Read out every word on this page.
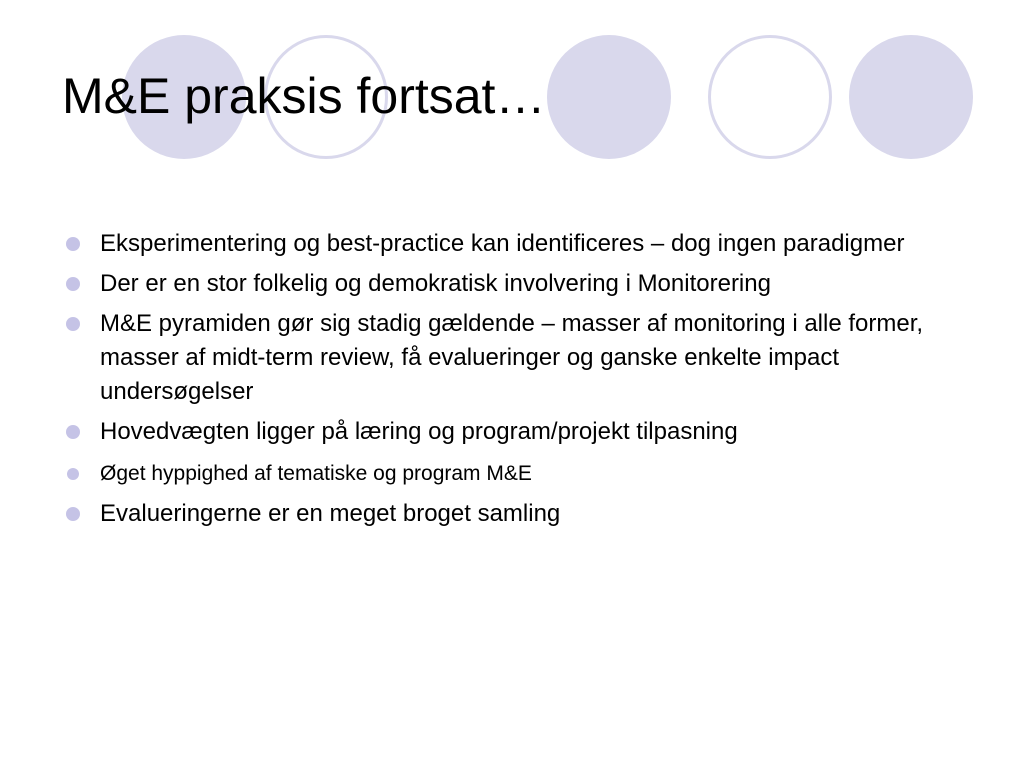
M&E praksis fortsat…
Eksperimentering og best-practice kan identificeres – dog ingen paradigmer
Der er en stor folkelig og demokratisk involvering i Monitorering
M&E pyramiden gør sig stadig gældende – masser af monitoring i alle former, masser af midt-term review, få evalueringer og ganske enkelte impact undersøgelser
Hovedvægten ligger på læring og program/projekt tilpasning
Øget hyppighed af tematiske og program M&E
Evalueringerne er en meget broget samling
